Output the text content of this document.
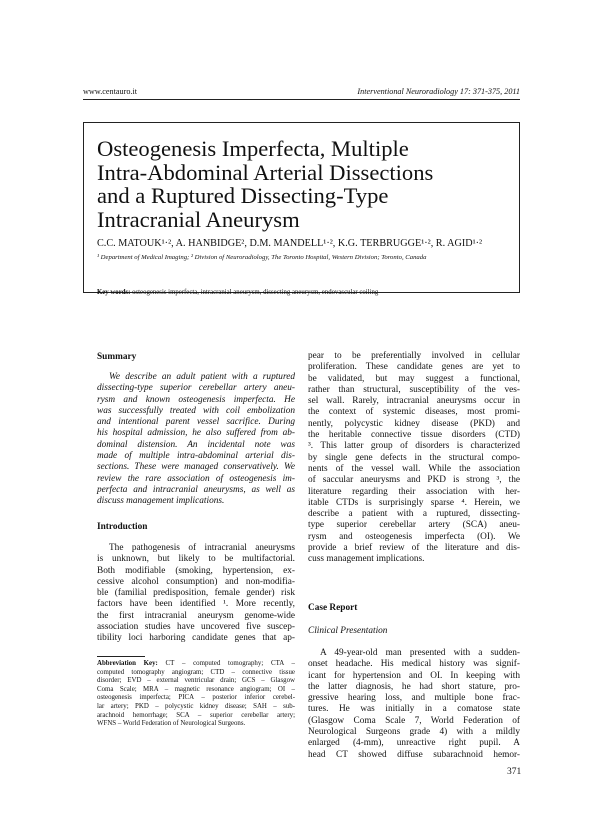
www.centauro.it	Interventional Neuroradiology 17: 371-375, 2011
Osteogenesis Imperfecta, Multiple
Intra-Abdominal Arterial Dissections
and a Ruptured Dissecting-Type
Intracranial Aneurysm
C.C. MATOUK¹·², A. HANBIDGE², D.M. MANDELL¹·², K.G. TERBRUGGE¹·², R. AGID¹·²
¹ Department of Medical Imaging; ² Division of Neuroradiology, The Toronto Hospital, Western Division; Toronto, Canada
Key words: osteogenesis imperfecta, intracranial aneurysm, dissecting aneurysm, endovascular coiling
Summary
We describe an adult patient with a ruptured
dissecting-type superior cerebellar artery aneu-
rysm and known osteogenesis imperfecta. He
was successfully treated with coil embolization
and intentional parent vessel sacrifice. During
his hospital admission, he also suffered from ab-
dominal distension. An incidental note was
made of multiple intra-abdominal arterial dis-
sections. These were managed conservatively. We
review the rare association of osteogenesis im-
perfecta and intracranial aneurysms, as well as
discuss management implications.
Introduction
The pathogenesis of intracranial aneurysms
is unknown, but likely to be multifactorial.
Both modifiable (smoking, hypertension, ex-
cessive alcohol consumption) and non-modifia-
ble (familial predisposition, female gender) risk
factors have been identified ¹. More recently,
the first intracranial aneurysm genome-wide
association studies have uncovered five suscep-
tibility loci harboring candidate genes that ap-
Abbreviation Key: CT – computed tomography; CTA –
computed tomography angiogram; CTD – connective tissue
disorder; EVD – external ventricular drain; GCS – Glasgow
Coma Scale; MRA – magnetic resonance angiogram; OI –
osteogenesis imperfecta; PICA – posterior inferior cerebel-
lar artery; PKD – polycystic kidney disease; SAH – sub-
arachnoid hemorrhage; SCA – superior cerebellar artery;
WFNS – World Federation of Neurological Surgeons.
pear to be preferentially involved in cellular
proliferation. These candidate genes are yet to
be validated, but may suggest a functional,
rather than structural, susceptibility of the ves-
sel wall. Rarely, intracranial aneurysms occur in
the context of systemic diseases, most promi-
nently, polycystic kidney disease (PKD) and
the heritable connective tissue disorders (CTD)
³. This latter group of disorders is characterized
by single gene defects in the structural compo-
nents of the vessel wall. While the association
of saccular aneurysms and PKD is strong ³, the
literature regarding their association with her-
itable CTDs is surprisingly sparse ⁴. Herein, we
describe a patient with a ruptured, dissecting-
type superior cerebellar artery (SCA) aneu-
rysm and osteogenesis imperfecta (OI). We
provide a brief review of the literature and dis-
cuss management implications.
Case Report
Clinical Presentation
A 49-year-old man presented with a sudden-
onset headache. His medical history was signif-
icant for hypertension and OI. In keeping with
the latter diagnosis, he had short stature, pro-
gressive hearing loss, and multiple bone frac-
tures. He was initially in a comatose state
(Glasgow Coma Scale 7, World Federation of
Neurological Surgeons grade 4) with a mildly
enlarged (4-mm), unreactive right pupil. A
head CT showed diffuse subarachnoid hemor-
371
